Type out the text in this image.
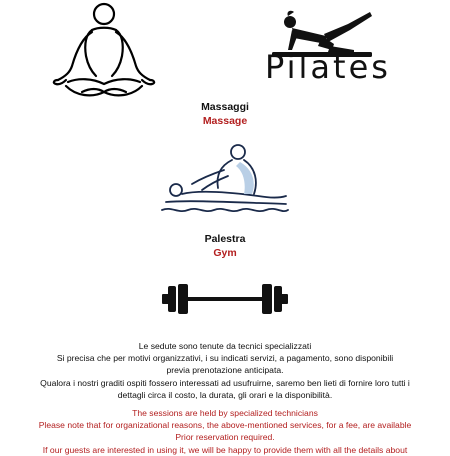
Pilates
Massaggi
Massage
Palestra
Gym
Le sedute sono tenute da tecnici specializzati
Si precisa che per motivi organizzativi, i su indicati servizi, a pagamento, sono disponibili
previa prenotazione anticipata.
Qualora i nostri graditi ospiti fossero interessati ad usufruirne, saremo ben lieti di fornire loro tutti i
dettagli circa il costo, la durata, gli orari e la disponibilità.
The sessions are held by specialized technicians
Please note that for organizational reasons, the above-mentioned services, for a fee, are available
Prior reservation required.
If our guests are interested in using it, we will be happy to provide them with all the details about
